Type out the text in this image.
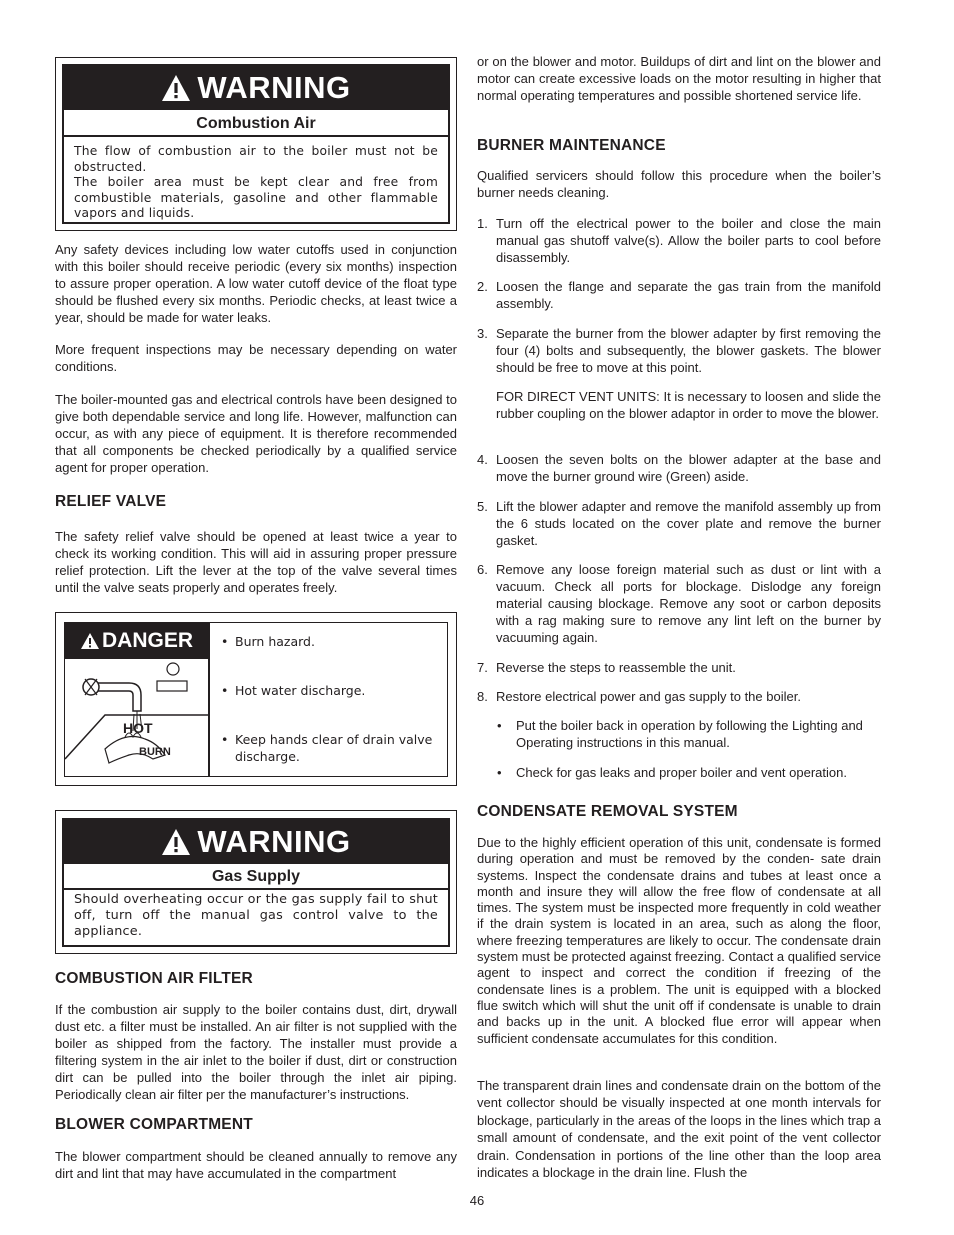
WARNING
Combustion Air
The flow of combustion air to the boiler must not be obstructed.
The boiler area must be kept clear and free from combustible materials, gasoline and other flammable vapors and liquids.

Any safety devices including low water cutoffs used in conjunction with this boiler should receive periodic (every six months) inspection to assure proper operation. A low water cutoff device of the float type should be flushed every six months. Periodic checks, at least twice a year, should be made for water leaks.

More frequent inspections may be necessary depending on water conditions.

The boiler-mounted gas and electrical controls have been designed to give both dependable service and long life. However, malfunction can occur, as with any piece of equipment. It is therefore recommended that all components be checked periodically by a qualified service agent for proper operation.

RELIEF VALVE

The safety relief valve should be opened at least twice a year to check its working condition. This will aid in assuring proper pressure relief protection. Lift the lever at the top of the valve several times until the valve seats properly and operates freely.

DANGER
BURN
HOT
• Burn hazard.
• Hot water discharge.
• Keep hands clear of drain valve discharge.
WARNING
Gas Supply
Should overheating occur or the gas supply fail to shut off, turn off the manual gas control valve to the appliance.
COMBUSTION AIR FILTER

If the combustion air supply to the boiler contains dust, dirt, drywall dust etc. a filter must be installed. An air filter is not supplied with the boiler as shipped from the factory. The installer must provide a filtering system in the air inlet to the boiler if dust, dirt or construction dirt can be pulled into the boiler through the inlet air piping. Periodically clean air filter per the manufacturer’s instructions.

BLOWER COMPARTMENT

The blower compartment should be cleaned annually to remove any dirt and lint that may have accumulated in the compartment

or on the blower and motor. Buildups of dirt and lint on the blower and motor can create excessive loads on the motor resulting in higher that normal operating temperatures and possible shortened service life.

BURNER MAINTENANCE

Qualified servicers should follow this procedure when the boiler’s burner needs cleaning.

1. Turn off the electrical power to the boiler and close the main manual gas shutoff valve(s). Allow the boiler parts to cool before disassembly.
2. Loosen the flange and separate the gas train from the manifold assembly.
3. Separate the burner from the blower adapter by first removing the four (4) bolts and subsequently, the blower gaskets. The blower should be free to move at this point.
FOR DIRECT VENT UNITS: It is necessary to loosen and slide the rubber coupling on the blower adaptor in order to move the blower.
4. Loosen the seven bolts on the blower adapter at the base and move the burner ground wire (Green) aside.
5. Lift the blower adapter and remove the manifold assembly up from the 6 studs located on the cover plate and remove the burner gasket.
6. Remove any loose foreign material such as dust or lint with a vacuum. Check all ports for blockage. Dislodge any foreign material causing blockage. Remove any soot or carbon deposits with a rag making sure to remove any lint left on the burner by vacuuming again.
7. Reverse the steps to reassemble the unit.
8. Restore electrical power and gas supply to the boiler.
• Put the boiler back in operation by following the Lighting and Operating instructions in this manual.
• Check for gas leaks and proper boiler and vent operation.
CONDENSATE REMOVAL SYSTEM

Due to the highly efficient operation of this unit, condensate is formed during operation and must be removed by the conden- sate drain systems. Inspect the condensate drains and tubes at least once a month and insure they will allow the free flow of condensate at all times. The system must be inspected more frequently in cold weather if the drain system is located in an area, such as along the floor, where freezing temperatures are likely to occur. The condensate drain system must be protected against freezing. Contact a qualified service agent to inspect and correct the condition if freezing of the condensate lines is a problem. The unit is equipped with a blocked flue switch which will shut the unit off if condensate is unable to drain and backs up in the unit. A blocked flue error will appear when sufficient condensate accumulates for this condition.

The transparent drain lines and condensate drain on the bottom of the vent collector should be visually inspected at one month intervals for blockage, particularly in the areas of the loops in the lines which trap a small amount of condensate, and the exit point of the vent collector drain. Condensation in portions of the line other than the loop area indicates a blockage in the drain line. Flush the

46
